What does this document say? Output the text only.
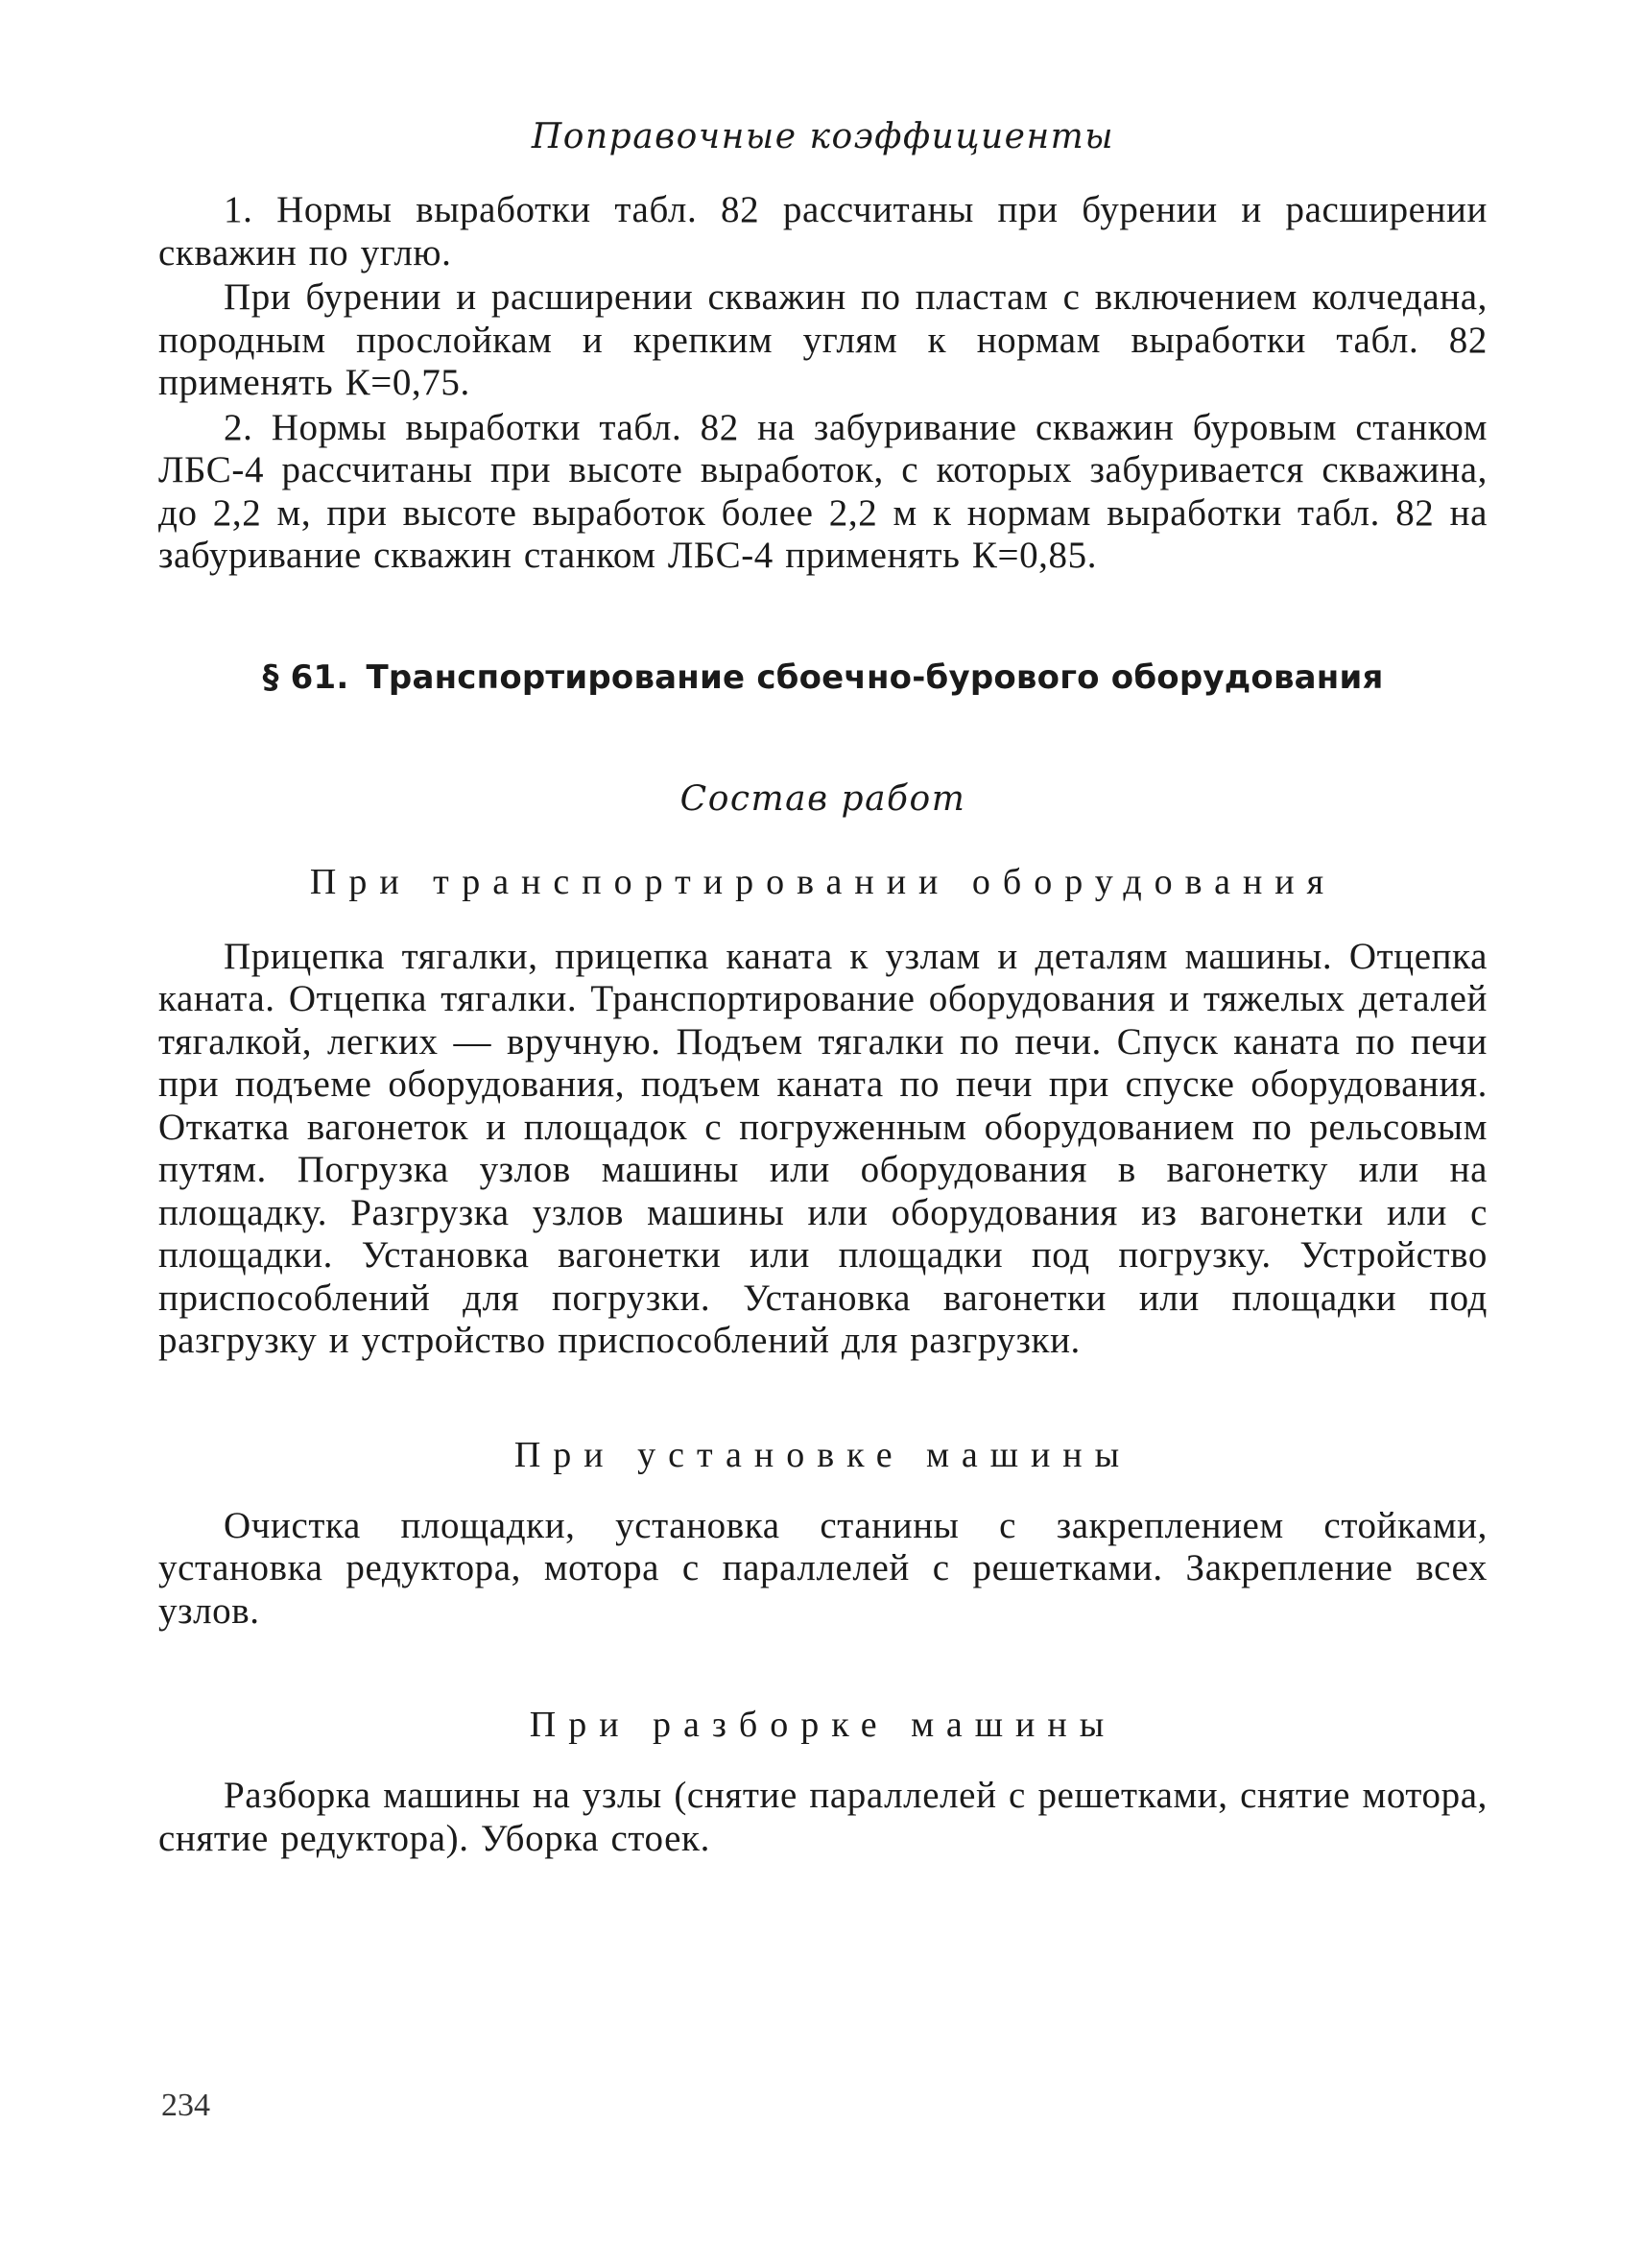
Поправочные коэффициенты

1. Нормы выработки табл. 82 рассчитаны при бурении и расширении скважин по углю.

При бурении и расширении скважин по пластам с включением колчедана, породным прослойкам и крепким углям к нормам выработки табл. 82 применять К=0,75.

2. Нормы выработки табл. 82 на забуривание скважин буровым станком ЛБС-4 рассчитаны при высоте выработок, с которых забуривается скважина, до 2,2 м, при высоте выработок более 2,2 м к нормам выработки табл. 82 на забуривание скважин станком ЛБС-4 применять К=0,85.

§ 61. Транспортирование сбоечно-бурового оборудования

Состав работ

При транспортировании оборудования

Прицепка тягалки, прицепка каната к узлам и деталям машины. Отцепка каната. Отцепка тягалки. Транспортирование оборудования и тяжелых деталей тягалкой, легких — вручную. Подъем тягалки по печи. Спуск каната по печи при подъеме оборудования, подъем каната по печи при спуске оборудования. Откатка вагонеток и площадок с погруженным оборудованием по рельсовым путям. Погрузка узлов машины или оборудования в вагонетку или на площадку. Разгрузка узлов машины или оборудования из вагонетки или с площадки. Установка вагонетки или площадки под погрузку. Устройство приспособлений для погрузки. Установка вагонетки или площадки под разгрузку и устройство приспособлений для разгрузки.

При установке машины

Очистка площадки, установка станины с закреплением стойками, установка редуктора, мотора с параллелей с решетками. Закрепление всех узлов.

При разборке машины

Разборка машины на узлы (снятие параллелей с решетками, снятие мотора, снятие редуктора). Уборка стоек.

234
